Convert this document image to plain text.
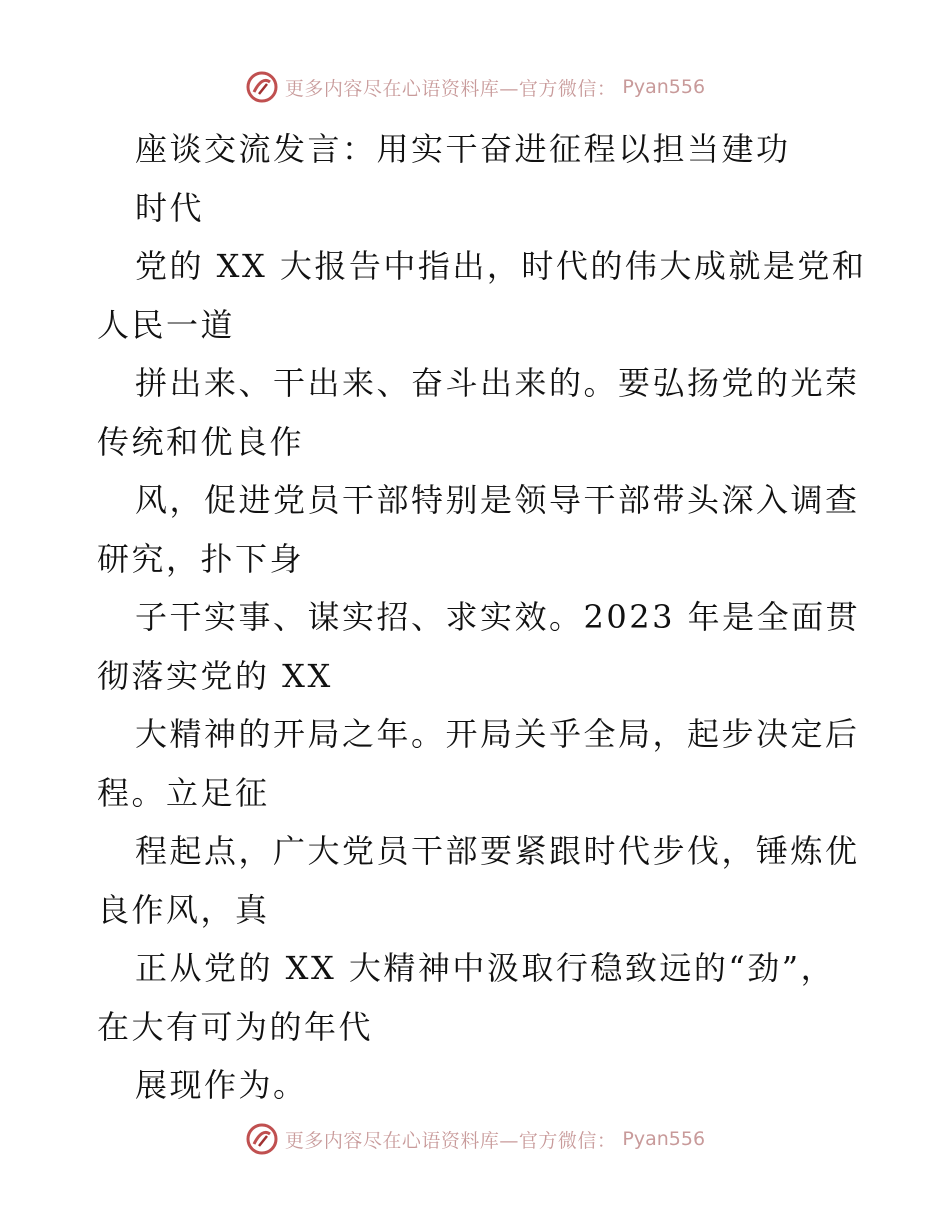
更多内容尽在心语资料库—官方微信： Pyan556
座谈交流发言：用实干奋进征程以担当建功
时代
党的 XX 大报告中指出，时代的伟大成就是党和
人民一道
拼出来、干出来、奋斗出来的。要弘扬党的光荣
传统和优良作
风，促进党员干部特别是领导干部带头深入调查
研究，扑下身
子干实事、谋实招、求实效。2023 年是全面贯
彻落实党的 XX
大精神的开局之年。开局关乎全局，起步决定后
程。立足征
程起点，广大党员干部要紧跟时代步伐，锤炼优
良作风，真
正从党的 XX 大精神中汲取行稳致远的“劲”，
在大有可为的年代
展现作为。
更多内容尽在心语资料库—官方微信： Pyan556
